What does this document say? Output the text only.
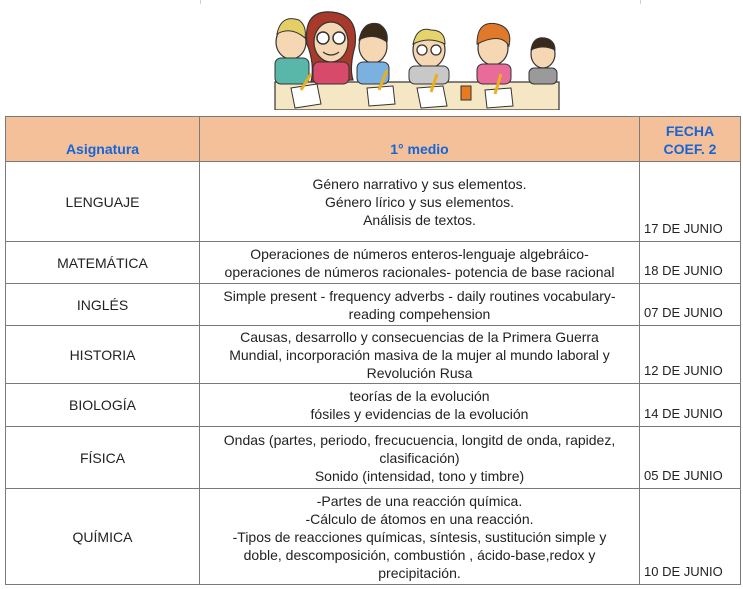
Asignatura	1° medio	FECHA
COEF. 2

LENGUAJE	Género narrativo y sus elementos.
Género lírico y sus elementos.
Análisis de textos.	17 DE JUNIO
MATEMÁTICA	Operaciones de números enteros-lenguaje algebráico-
operaciones de números racionales- potencia de base racional	18 DE JUNIO
INGLÉS	Simple present - frequency adverbs - daily routines vocabulary-
reading compehension	07 DE JUNIO
HISTORIA	Causas, desarrollo y consecuencias de la Primera Guerra
Mundial, incorporación masiva de la mujer al mundo laboral y
Revolución Rusa	12 DE JUNIO
BIOLOGÍA	teorías de la evolución
fósiles y evidencias de la evolución	14 DE JUNIO
FÍSICA	Ondas (partes, periodo, frecucuencia, longitd de onda, rapidez,
clasificación)
Sonido (intensidad, tono y timbre)	05 DE JUNIO
QUÍMICA	-Partes de una reacción química.
-Cálculo de átomos en una reacción.
-Tipos de reacciones químicas, síntesis, sustitución simple y
doble, descomposición, combustión , ácido-base,redox y
precipitación.	10 DE JUNIO
